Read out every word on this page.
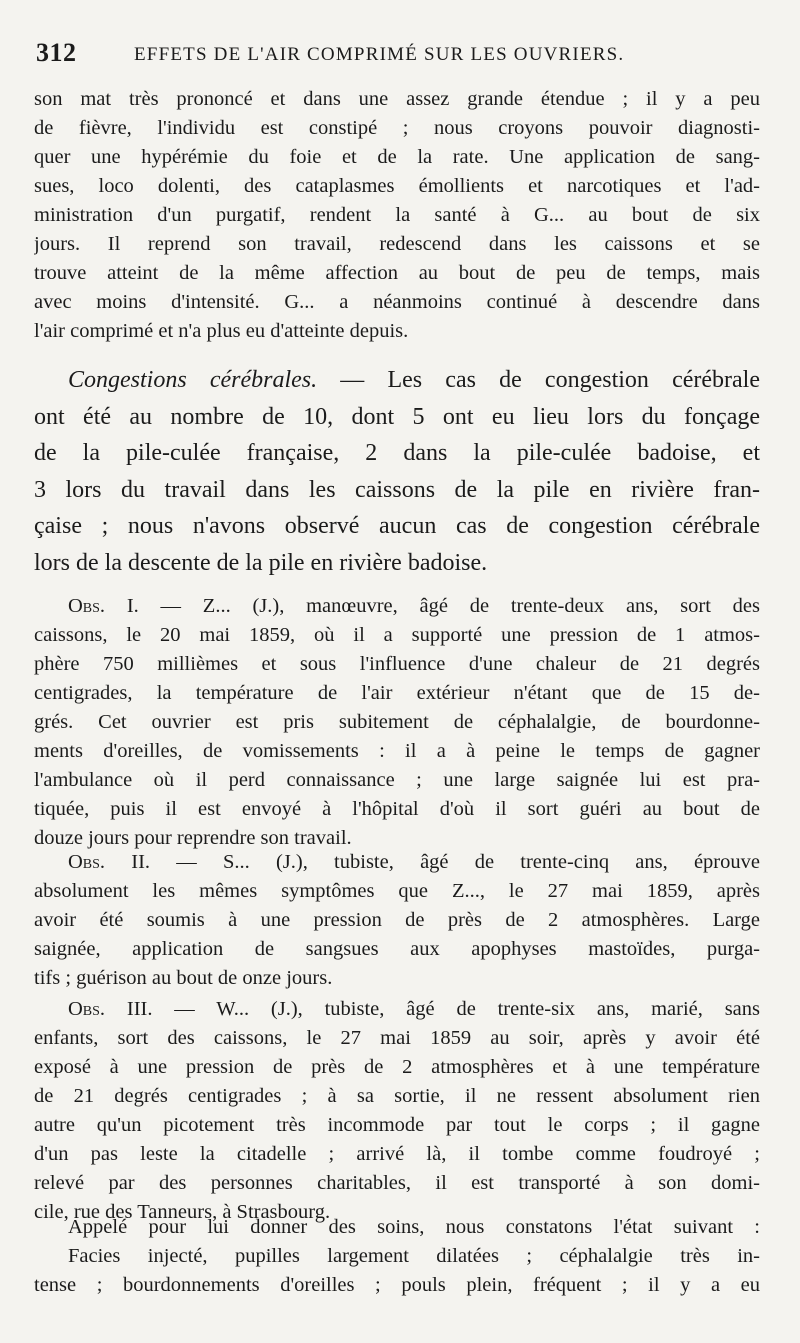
312	EFFETS DE L'AIR COMPRIMÉ SUR LES OUVRIERS.
son mat très prononcé et dans une assez grande étendue ; il y a peu
de fièvre, l'individu est constipé ; nous croyons pouvoir diagnosti-
quer une hypérémie du foie et de la rate. Une application de sang-
sues, loco dolenti, des cataplasmes émollients et narcotiques et l'ad-
ministration d'un purgatif, rendent la santé à G... au bout de six
jours. Il reprend son travail, redescend dans les caissons et se
trouve atteint de la même affection au bout de peu de temps, mais
avec moins d'intensité. G... a néanmoins continué à descendre dans
l'air comprimé et n'a plus eu d'atteinte depuis.
Congestions cérébrales. — Les cas de congestion cérébrale
ont été au nombre de 10, dont 5 ont eu lieu lors du fonçage
de la pile-culée française, 2 dans la pile-culée badoise, et
3 lors du travail dans les caissons de la pile en rivière fran-
çaise ; nous n'avons observé aucun cas de congestion cérébrale
lors de la descente de la pile en rivière badoise.
Obs. I. — Z... (J.), manœuvre, âgé de trente-deux ans, sort des
caissons, le 20 mai 1859, où il a supporté une pression de 1 atmos-
phère 750 millièmes et sous l'influence d'une chaleur de 21 degrés
centigrades, la température de l'air extérieur n'étant que de 15 de-
grés. Cet ouvrier est pris subitement de céphalalgie, de bourdonne-
ments d'oreilles, de vomissements : il a à peine le temps de gagner
l'ambulance où il perd connaissance ; une large saignée lui est pra-
tiquée, puis il est envoyé à l'hôpital d'où il sort guéri au bout de
douze jours pour reprendre son travail.
Obs. II. — S... (J.), tubiste, âgé de trente-cinq ans, éprouve
absolument les mêmes symptômes que Z..., le 27 mai 1859, après
avoir été soumis à une pression de près de 2 atmosphères. Large
saignée, application de sangsues aux apophyses mastoïdes, purga-
tifs ; guérison au bout de onze jours.
Obs. III. — W... (J.), tubiste, âgé de trente-six ans, marié, sans
enfants, sort des caissons, le 27 mai 1859 au soir, après y avoir été
exposé à une pression de près de 2 atmosphères et à une température
de 21 degrés centigrades ; à sa sortie, il ne ressent absolument rien
autre qu'un picotement très incommode par tout le corps ; il gagne
d'un pas leste la citadelle ; arrivé là, il tombe comme foudroyé ;
relevé par des personnes charitables, il est transporté à son domi-
cile, rue des Tanneurs, à Strasbourg.
Appelé pour lui donner des soins, nous constatons l'état suivant :
Facies injecté, pupilles largement dilatées ; céphalalgie très in-
tense ; bourdonnements d'oreilles ; pouls plein, fréquent ; il y a eu
